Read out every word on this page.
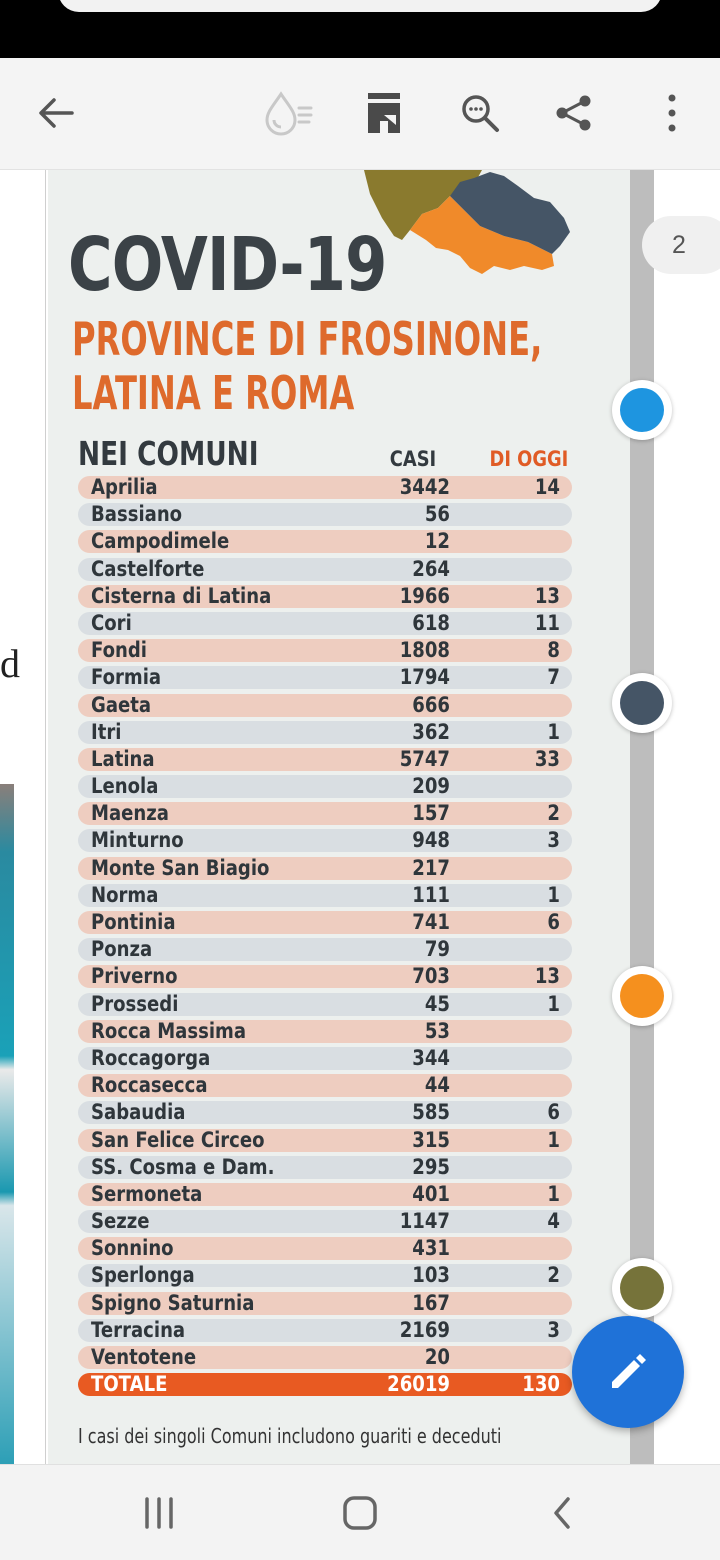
d
COVID-19
PROVINCE DI FROSINONE,
LATINA E ROMA
NEI COMUNI	CASI	DI OGGI
Aprilia	3442	14
Bassiano	56
Campodimele	12
Castelforte	264
Cisterna di Latina	1966	13
Cori	618	11
Fondi	1808	8
Formia	1794	7
Gaeta	666
Itri	362	1
Latina	5747	33
Lenola	209
Maenza	157	2
Minturno	948	3
Monte San Biagio	217
Norma	111	1
Pontinia	741	6
Ponza	79
Priverno	703	13
Prossedi	45	1
Rocca Massima	53
Roccagorga	344
Roccasecca	44
Sabaudia	585	6
San Felice Circeo	315	1
SS. Cosma e Dam.	295
Sermoneta	401	1
Sezze	1147	4
Sonnino	431
Sperlonga	103	2
Spigno Saturnia	167
Terracina	2169	3
Ventotene	20
TOTALE	26019	130
I casi dei singoli Comuni includono guariti e deceduti
2
